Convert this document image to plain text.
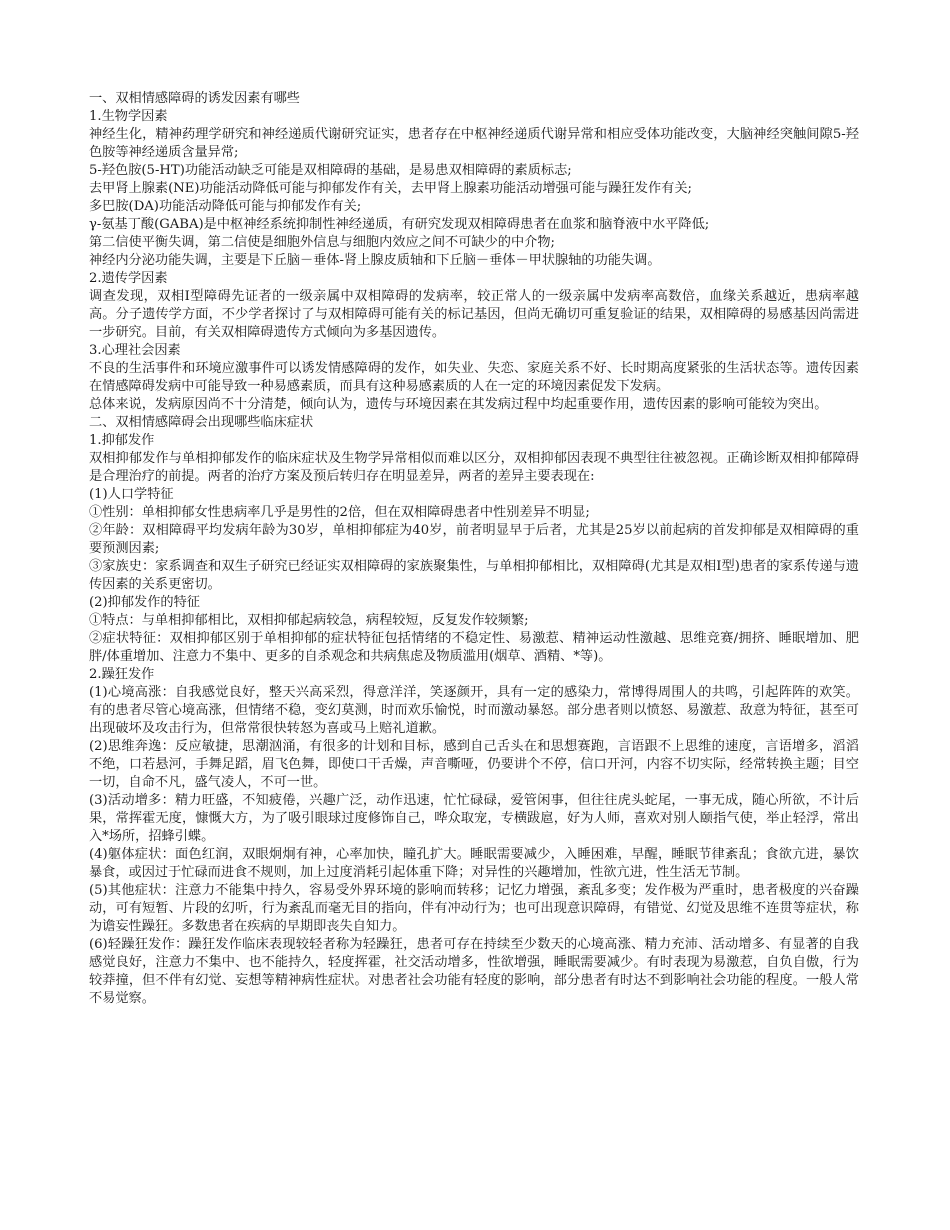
一、双相情感障碍的诱发因素有哪些

1.生物学因素

神经生化，精神药理学研究和神经递质代谢研究证实，患者存在中枢神经递质代谢异常和相应受体功能改变，大脑神经突触间隙5-羟色胺等神经递质含量异常;

5-羟色胺(5-HT)功能活动缺乏可能是双相障碍的基础，是易患双相障碍的素质标志;

去甲肾上腺素(NE)功能活动降低可能与抑郁发作有关，去甲肾上腺素功能活动增强可能与躁狂发作有关;

多巴胺(DA)功能活动降低可能与抑郁发作有关;

γ-氨基丁酸(GABA)是中枢神经系统抑制性神经递质，有研究发现双相障碍患者在血浆和脑脊液中水平降低;

第二信使平衡失调，第二信使是细胞外信息与细胞内效应之间不可缺少的中介物;

神经内分泌功能失调，主要是下丘脑－垂体-肾上腺皮质轴和下丘脑－垂体－甲状腺轴的功能失调。

2.遗传学因素

调查发现，双相Ⅰ型障碍先证者的一级亲属中双相障碍的发病率，较正常人的一级亲属中发病率高数倍，血缘关系越近，患病率越高。分子遗传学方面，不少学者探讨了与双相障碍可能有关的标记基因，但尚无确切可重复验证的结果，双相障碍的易感基因尚需进一步研究。目前，有关双相障碍遗传方式倾向为多基因遗传。

3.心理社会因素

不良的生活事件和环境应激事件可以诱发情感障碍的发作，如失业、失恋、家庭关系不好、长时期高度紧张的生活状态等。遗传因素在情感障碍发病中可能导致一种易感素质，而具有这种易感素质的人在一定的环境因素促发下发病。

总体来说，发病原因尚不十分清楚，倾向认为，遗传与环境因素在其发病过程中均起重要作用，遗传因素的影响可能较为突出。

二、双相情感障碍会出现哪些临床症状

1.抑郁发作

双相抑郁发作与单相抑郁发作的临床症状及生物学异常相似而难以区分，双相抑郁因表现不典型往往被忽视。正确诊断双相抑郁障碍是合理治疗的前提。两者的治疗方案及预后转归存在明显差异，两者的差异主要表现在:

(1)人口学特征

①性别：单相抑郁女性患病率几乎是男性的2倍，但在双相障碍患者中性别差异不明显;

②年龄：双相障碍平均发病年龄为30岁，单相抑郁症为40岁，前者明显早于后者，尤其是25岁以前起病的首发抑郁是双相障碍的重要预测因素;

③家族史：家系调查和双生子研究已经证实双相障碍的家族聚集性，与单相抑郁相比，双相障碍(尤其是双相Ⅰ型)患者的家系传递与遗传因素的关系更密切。

(2)抑郁发作的特征

①特点：与单相抑郁相比，双相抑郁起病较急，病程较短，反复发作较频繁;

②症状特征：双相抑郁区别于单相抑郁的症状特征包括情绪的不稳定性、易激惹、精神运动性激越、思维竞赛/拥挤、睡眠增加、肥胖/体重增加、注意力不集中、更多的自杀观念和共病焦虑及物质滥用(烟草、酒精、*等)。

2.躁狂发作

(1)心境高涨：自我感觉良好，整天兴高采烈，得意洋洋，笑逐颜开，具有一定的感染力，常博得周围人的共鸣，引起阵阵的欢笑。有的患者尽管心境高涨，但情绪不稳，变幻莫测，时而欢乐愉悦，时而激动暴怒。部分患者则以愤怒、易激惹、敌意为特征，甚至可出现破坏及攻击行为，但常常很快转怒为喜或马上赔礼道歉。

(2)思维奔逸：反应敏捷，思潮汹涌，有很多的计划和目标，感到自己舌头在和思想赛跑，言语跟不上思维的速度，言语增多，滔滔不绝，口若悬河，手舞足蹈，眉飞色舞，即使口干舌燥，声音嘶哑，仍要讲个不停，信口开河，内容不切实际，经常转换主题；目空一切，自命不凡，盛气凌人，不可一世。

(3)活动增多：精力旺盛，不知疲倦，兴趣广泛，动作迅速，忙忙碌碌，爱管闲事，但往往虎头蛇尾，一事无成，随心所欲，不计后果，常挥霍无度，慷慨大方，为了吸引眼球过度修饰自己，哗众取宠，专横跋扈，好为人师，喜欢对别人颐指气使，举止轻浮，常出入*场所，招蜂引蝶。

(4)躯体症状：面色红润，双眼炯炯有神，心率加快，瞳孔扩大。睡眠需要减少，入睡困难，早醒，睡眠节律紊乱；食欲亢进，暴饮暴食，或因过于忙碌而进食不规则，加上过度消耗引起体重下降；对异性的兴趣增加，性欲亢进，性生活无节制。

(5)其他症状：注意力不能集中持久，容易受外界环境的影响而转移；记忆力增强，紊乱多变；发作极为严重时，患者极度的兴奋躁动，可有短暂、片段的幻听，行为紊乱而毫无目的指向，伴有冲动行为；也可出现意识障碍，有错觉、幻觉及思维不连贯等症状，称为谵妄性躁狂。多数患者在疾病的早期即丧失自知力。

(6)轻躁狂发作：躁狂发作临床表现较轻者称为轻躁狂，患者可存在持续至少数天的心境高涨、精力充沛、活动增多、有显著的自我感觉良好，注意力不集中、也不能持久，轻度挥霍，社交活动增多，性欲增强，睡眠需要减少。有时表现为易激惹，自负自傲，行为较莽撞，但不伴有幻觉、妄想等精神病性症状。对患者社会功能有轻度的影响，部分患者有时达不到影响社会功能的程度。一般人常不易觉察。
